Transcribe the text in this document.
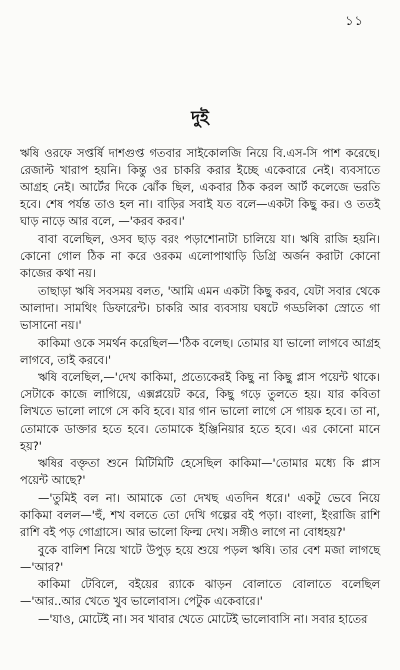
১১
দুই

ঋষি ওরফে সপ্তর্ষি দাশগুপ্ত গতবার সাইকোলজি নিয়ে বি.এস-সি পাশ করেছে। রেজাল্ট খারাপ হয়নি। কিন্তু ওর চাকরি করার ইচ্ছে একেবারে নেই। ব্যবসাতে আগ্রহ নেই। আর্টের দিকে ঝোঁক ছিল, একবার ঠিক করল আর্ট কলেজে ভরতি হবে। শেষ পর্যন্ত তাও হল না। বাড়ির সবাই যত বলে—একটা কিছু কর। ও ততই ঘাড় নাড়ে আর বলে, —'করব করব।'

বাবা বলেছিল, ওসব ছাড় বরং পড়াশোনাটা চালিয়ে যা। ঋষি রাজি হয়নি। কোনো গোল ঠিক না করে ওরকম এলোপাথাড়ি ডিগ্রি অর্জন করাটা কোনো কাজের কথা নয়।

তাছাড়া ঋষি সবসময় বলত, 'আমি এমন একটা কিছু করব, যেটা সবার থেকে আলাদা। সামথিং ডিফারেন্ট। চাকরি আর ব্যবসায় ঘষটে গড্ডলিকা স্রোতে গা ভাসানো নয়।'

কাকিমা ওকে সমর্থন করেছিল—'ঠিক বলেছ। তোমার যা ভালো লাগবে আগ্রহ লাগবে, তাই করবে।'

ঋষি বলেছিল,—'দেখ কাকিমা, প্রত্যেকেরই কিছু না কিছু প্লাস পয়েন্ট থাকে। সেটাকে কাজে লাগিয়ে, এক্সপ্লয়েট করে, কিছু গড়ে তুলতে হয়। যার কবিতা লিখতে ভালো লাগে সে কবি হবে। যার গান ভালো লাগে সে গায়ক হবে। তা না, তোমাকে ডাক্তার হতে হবে। তোমাকে ইঞ্জিনিয়ার হতে হবে। এর কোনো মানে হয়?'

ঋষির বক্তৃতা শুনে মিটিমিটি হেসেছিল কাকিমা—'তোমার মধ্যে কি প্লাস পয়েন্ট আছে?'

—'তুমিই বল না। আমাকে তো দেখছ এতদিন ধরে।' একটু ভেবে নিয়ে কাকিমা বলল—'হুঁ, শখ বলতে তো দেখি গল্পের বই পড়া। বাংলা, ইংরাজি রাশি রাশি বই পড় গোগ্রাসে। আর ভালো ফিল্ম দেখ। সঙ্গীও লাগে না বোধহয়?'

বুকে বালিশ নিয়ে খাটে উপুড় হয়ে শুয়ে পড়ল ঋষি। তার বেশ মজা লাগছে—'আর?'

কাকিমা টেবিলে, বইয়ের র‍্যাকে ঝাড়ন বোলাতে বোলাতে বলেছিল—'আর..আর খেতে খুব ভালোবাস। পেটুক একেবারে।'

—'যাও, মোটেই না। সব খাবার খেতে মোটেই ভালোবাসি না। সবার হাতের
